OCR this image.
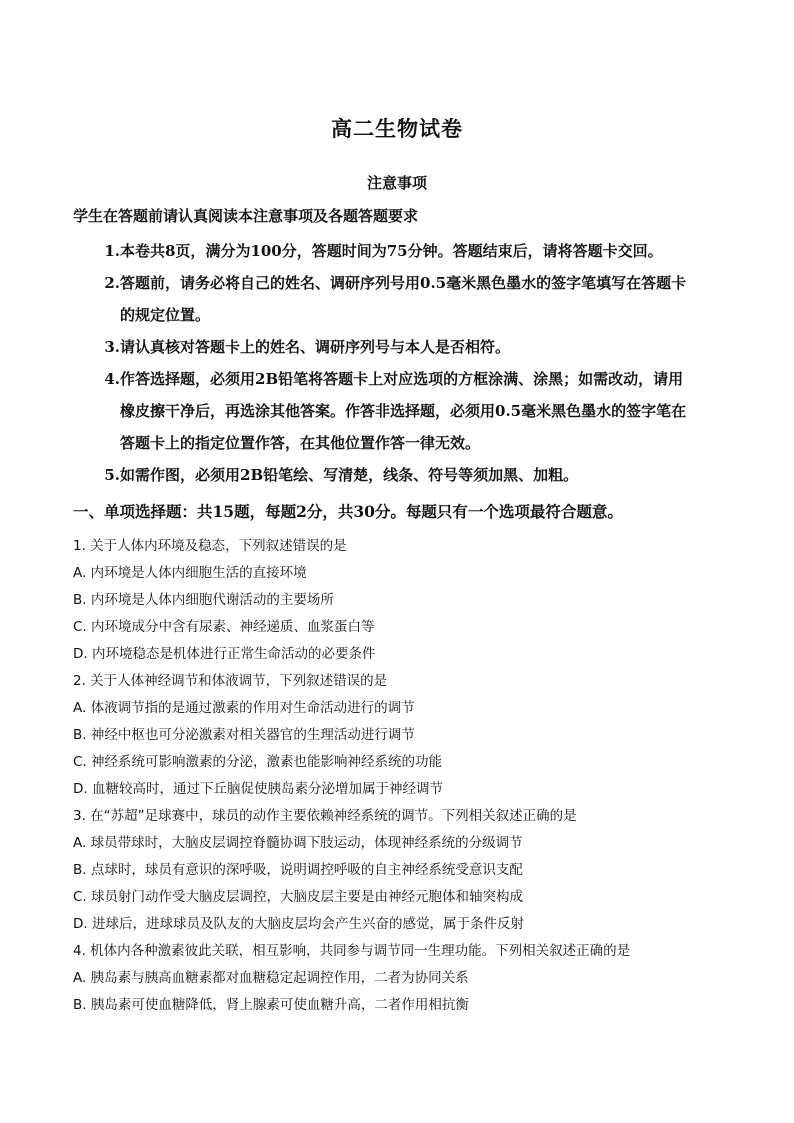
高二生物试卷
注意事项
学生在答题前请认真阅读本注意事项及各题答题要求
1. 本卷共8页，满分为100分，答题时间为75分钟。答题结束后，请将答题卡交回。
2. 答题前，请务必将自己的姓名、调研序列号用0.5毫米黑色墨水的签字笔填写在答题卡
的规定位置。
3. 请认真核对答题卡上的姓名、调研序列号与本人是否相符。
4. 作答选择题，必须用2B铅笔将答题卡上对应选项的方框涂满、涂黑；如需改动，请用
橡皮擦干净后，再选涂其他答案。作答非选择题，必须用0.5毫米黑色墨水的签字笔在
答题卡上的指定位置作答，在其他位置作答一律无效。
5. 如需作图，必须用2B铅笔绘、写清楚，线条、符号等须加黑、加粗。
一、单项选择题：共15题，每题2分，共30分。每题只有一个选项最符合题意。
1. 关于人体内环境及稳态，下列叙述错误的是
A. 内环境是人体内细胞生活的直接环境
B. 内环境是人体内细胞代谢活动的主要场所
C. 内环境成分中含有尿素、神经递质、血浆蛋白等
D. 内环境稳态是机体进行正常生命活动的必要条件
2. 关于人体神经调节和体液调节，下列叙述错误的是
A. 体液调节指的是通过激素的作用对生命活动进行的调节
B. 神经中枢也可分泌激素对相关器官的生理活动进行调节
C. 神经系统可影响激素的分泌，激素也能影响神经系统的功能
D. 血糖较高时，通过下丘脑促使胰岛素分泌增加属于神经调节
3. 在“苏超”足球赛中，球员的动作主要依赖神经系统的调节。下列相关叙述正确的是
A. 球员带球时，大脑皮层调控脊髓协调下肢运动，体现神经系统的分级调节
B. 点球时，球员有意识的深呼吸，说明调控呼吸的自主神经系统受意识支配
C. 球员射门动作受大脑皮层调控，大脑皮层主要是由神经元胞体和轴突构成
D. 进球后，进球球员及队友的大脑皮层均会产生兴奋的感觉，属于条件反射
4. 机体内各种激素彼此关联，相互影响，共同参与调节同一生理功能。下列相关叙述正确的是
A. 胰岛素与胰高血糖素都对血糖稳定起调控作用，二者为协同关系
B. 胰岛素可使血糖降低，肾上腺素可使血糖升高，二者作用相抗衡
